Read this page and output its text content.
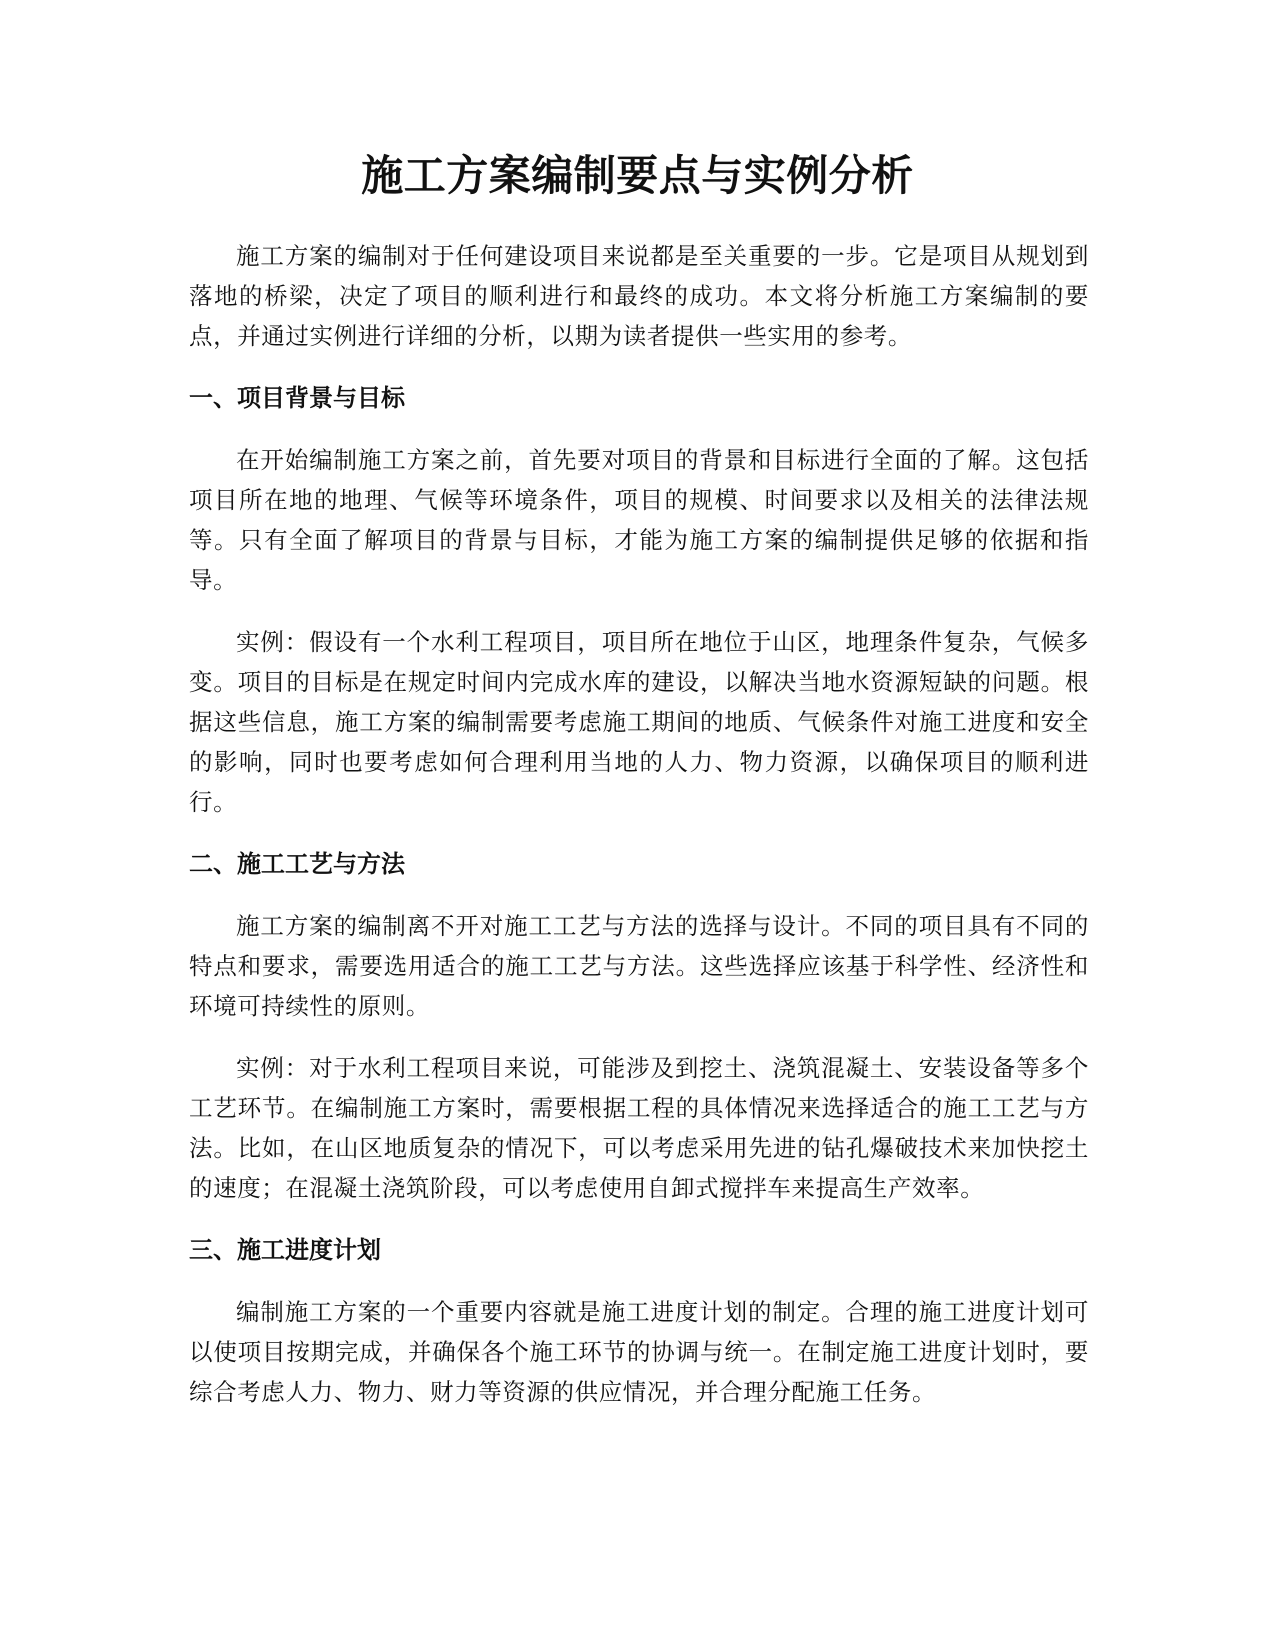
施工方案编制要点与实例分析

施工方案的编制对于任何建设项目来说都是至关重要的一步。它是项目从规划到落地的桥梁，决定了项目的顺利进行和最终的成功。本文将分析施工方案编制的要点，并通过实例进行详细的分析，以期为读者提供一些实用的参考。

一、项目背景与目标

在开始编制施工方案之前，首先要对项目的背景和目标进行全面的了解。这包括项目所在地的地理、气候等环境条件，项目的规模、时间要求以及相关的法律法规等。只有全面了解项目的背景与目标，才能为施工方案的编制提供足够的依据和指导。

实例：假设有一个水利工程项目，项目所在地位于山区，地理条件复杂，气候多变。项目的目标是在规定时间内完成水库的建设，以解决当地水资源短缺的问题。根据这些信息，施工方案的编制需要考虑施工期间的地质、气候条件对施工进度和安全的影响，同时也要考虑如何合理利用当地的人力、物力资源，以确保项目的顺利进行。

二、施工工艺与方法

施工方案的编制离不开对施工工艺与方法的选择与设计。不同的项目具有不同的特点和要求，需要选用适合的施工工艺与方法。这些选择应该基于科学性、经济性和环境可持续性的原则。

实例：对于水利工程项目来说，可能涉及到挖土、浇筑混凝土、安装设备等多个工艺环节。在编制施工方案时，需要根据工程的具体情况来选择适合的施工工艺与方法。比如，在山区地质复杂的情况下，可以考虑采用先进的钻孔爆破技术来加快挖土的速度；在混凝土浇筑阶段，可以考虑使用自卸式搅拌车来提高生产效率。

三、施工进度计划

编制施工方案的一个重要内容就是施工进度计划的制定。合理的施工进度计划可以使项目按期完成，并确保各个施工环节的协调与统一。在制定施工进度计划时，要综合考虑人力、物力、财力等资源的供应情况，并合理分配施工任务。
